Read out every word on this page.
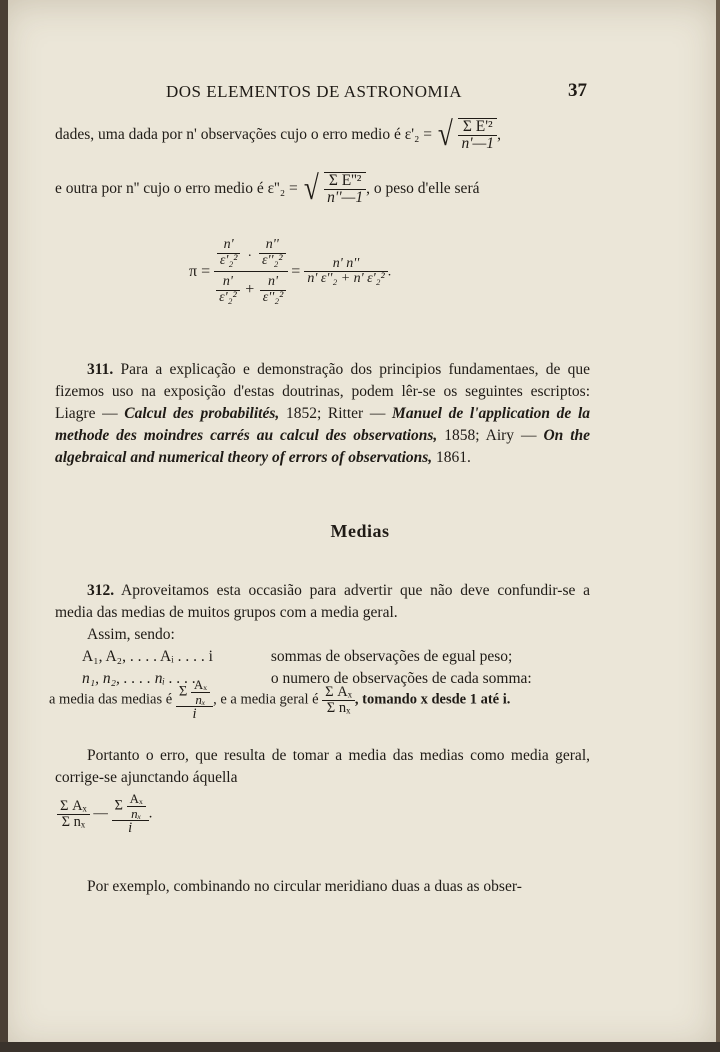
DOS ELEMENTOS DE ASTRONOMIA	37
dades, uma dada por n' observações cujo o erro medio é ε'₂ = √ $\frac{\text{Σ E'²}}{n'—1}$ ,
e outra por n'' cujo o erro medio é ε''₂ = √ $\frac{\text{Σ E''²}}{n''—1}$ , o peso d'elle será
π =	
$\frac{n'}{\text{ε'₂²}}$ . $\frac{n''}{\text{ε''₂²}}$
	=	$\frac{n' n''}{\text{n' ε''₂ + n' ε'₂²}}$ .

$\frac{n'}{\text{ε'₂²}} + \frac{n'}{\text{ε''₂²}}$

311. Para a explicação e demonstração dos principios fundamentaes, de que fizemos uso na exposição d'estas doutrinas, podem lêr-se os seguintes escriptos: Liagre — Calcul des probabilités, 1852; Ritter — Manuel de l'application de la methode des moindres carrés au calcul des observations, 1858; Airy — On the algebraical and numerical theory of errors of observations, 1861.

Medias

312. Aproveitamos esta occasião para advertir que não deve confundir-se a media das medias de muitos grupos com a media geral.

Assim, sendo:

A₁, A₂, . . . . Aᵢ . . . . i	sommas de observações de egual peso;

n₁, n₂, . . . . nᵢ . . . .	o numero de observações de cada somma:

a media das medias é $\frac{\Sigma \frac{\text{Aₓ}}{\text{nₓ}}}{i}$ , e a media geral é $\frac{\text{Σ Aₓ}}{\text{Σ nₓ}}$ , tomando x desde 1 até i.

Portanto o erro, que resulta de tomar a media das medias como media geral, corrige-se ajunctando áquella

$\frac{\text{Σ Aₓ}}{\text{Σ nₓ}}$ — $\frac{\Sigma \frac{\text{Aₓ}}{\text{nₓ}}}{i}$ .

Por exemplo, combinando no circular meridiano duas a duas as obser-
